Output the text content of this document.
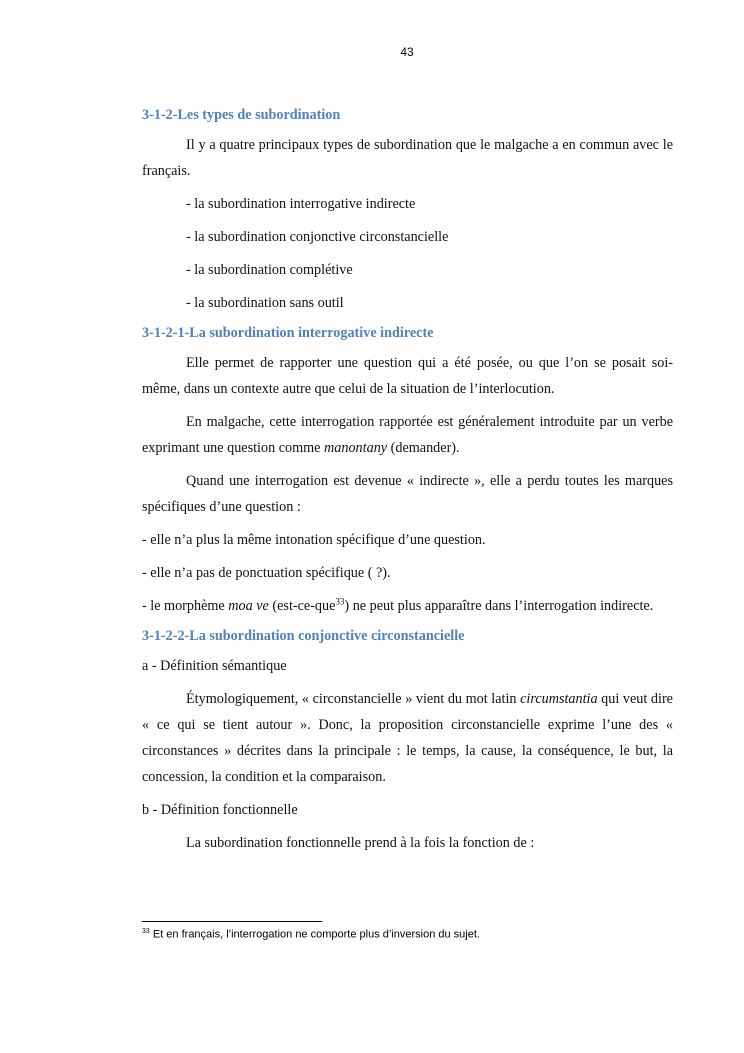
43
3-1-2-Les types de subordination
Il y a quatre principaux types de subordination que le malgache a en commun avec le français.
- la subordination interrogative indirecte
- la subordination conjonctive circonstancielle
- la subordination complétive
- la subordination sans outil
3-1-2-1-La subordination interrogative indirecte
Elle permet de rapporter une question qui a été posée, ou que l’on se posait soi-même, dans un contexte autre que celui de la situation de l’interlocution.
En malgache, cette interrogation rapportée est généralement introduite par un verbe exprimant une question comme manontany (demander).
Quand une interrogation est devenue « indirecte », elle a perdu toutes les marques spécifiques d’une question :
- elle n’a plus la même intonation spécifique d’une question.
- elle n’a pas de ponctuation spécifique ( ?).
- le morphème moa ve (est-ce-que$^{33}$) ne peut plus apparaître dans l’interrogation indirecte.
3-1-2-2-La subordination conjonctive circonstancielle
a - Définition sémantique
Étymologiquement, « circonstancielle » vient du mot latin circumstantia qui veut dire « ce qui se tient autour ». Donc, la proposition circonstancielle exprime l’une des « circonstances » décrites dans la principale : le temps, la cause, la conséquence, le but, la concession, la condition et la comparaison.
b - Définition fonctionnelle
La subordination fonctionnelle prend à la fois la fonction de :
$^{33}$ Et en français, l’interrogation ne comporte plus d’inversion du sujet.
